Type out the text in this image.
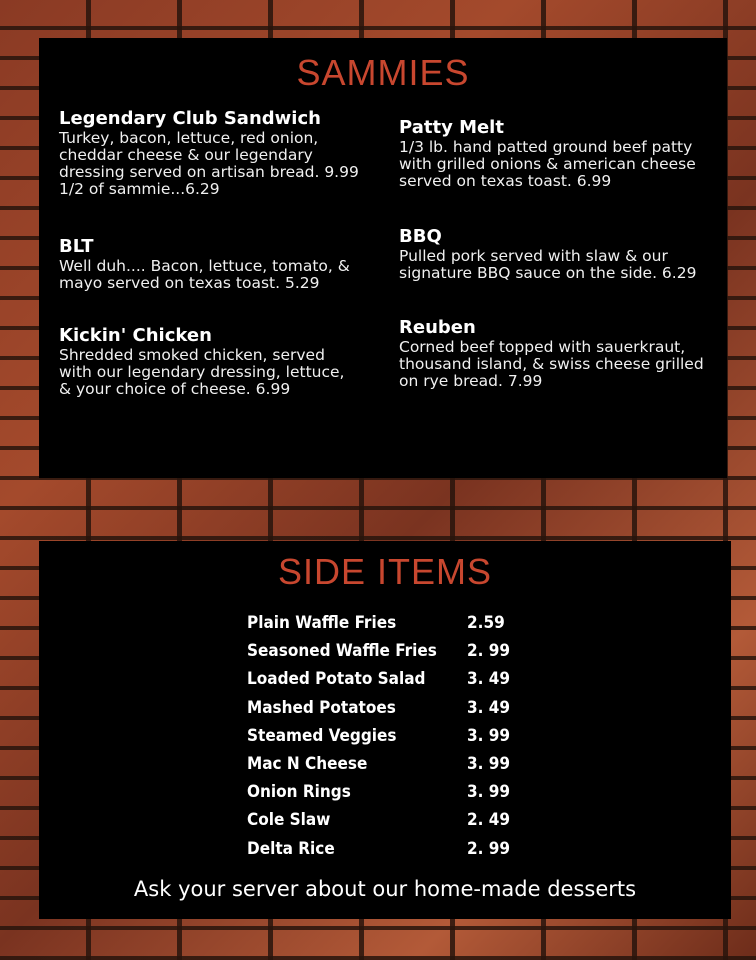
SAMMIES
Legendary Club Sandwich
Turkey, bacon, lettuce, red onion, cheddar cheese & our legendary dressing served on artisan bread. 9.99
1/2 of sammie...6.29
BLT
Well duh.... Bacon, lettuce, tomato, & mayo served on texas toast. 5.29
Kickin' Chicken
Shredded smoked chicken, served with our legendary dressing, lettuce, & your choice of cheese. 6.99
Patty Melt
1/3 lb. hand patted ground beef patty with grilled onions & american cheese served on texas toast. 6.99
BBQ
Pulled pork served with slaw & our signature BBQ sauce on the side. 6.29
Reuben
Corned beef topped with sauerkraut, thousand island, & swiss cheese grilled on rye bread. 7.99
SIDE ITEMS
Plain Waffle Fries	2.59
Seasoned Waffle Fries	2. 99
Loaded Potato Salad	3. 49
Mashed Potatoes	3. 49
Steamed Veggies	3. 99
Mac N Cheese	3. 99
Onion Rings	3. 99
Cole Slaw	2. 49
Delta Rice	2. 99
Ask your server about our home-made desserts
